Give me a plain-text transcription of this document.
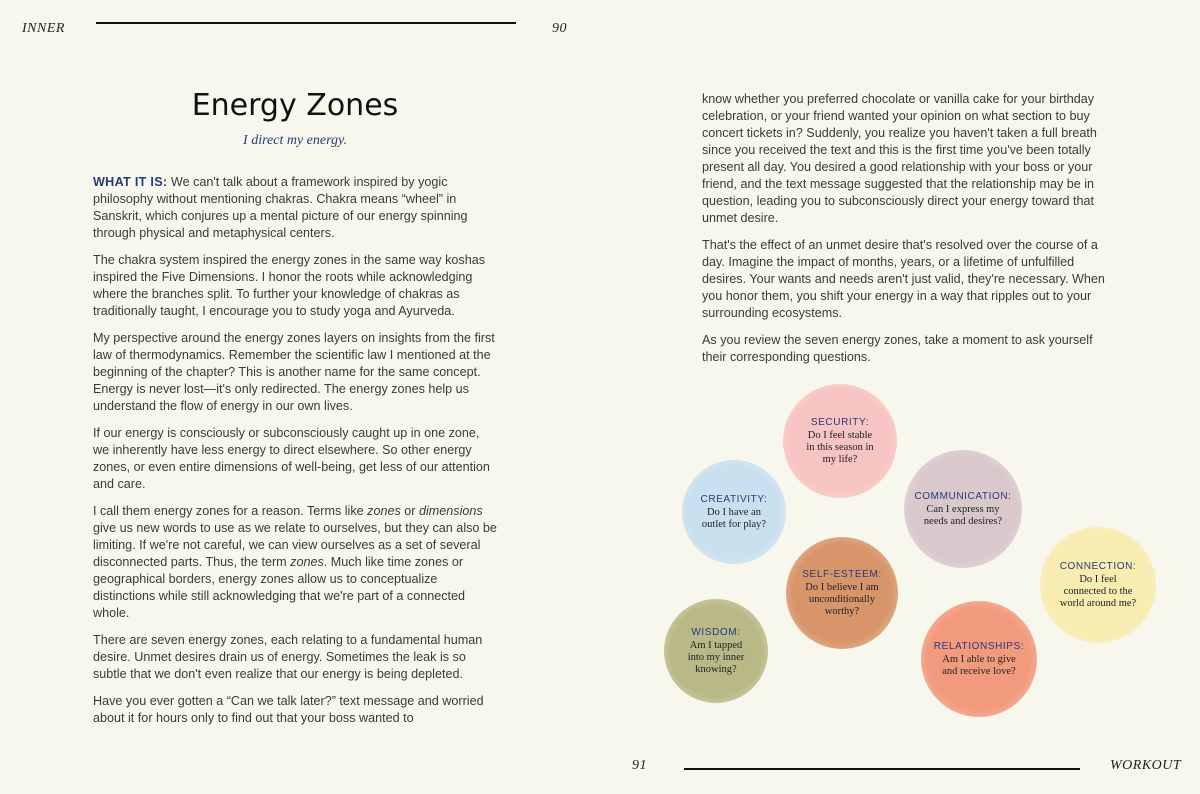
INNER	90
91	WORKOUT
Energy Zones
I direct my energy.

WHAT IT IS: We can't talk about a framework inspired by yogic philosophy without mentioning chakras. Chakra means “wheel” in Sanskrit, which conjures up a mental picture of our energy spinning through physical and metaphysical centers.

The chakra system inspired the energy zones in the same way koshas inspired the Five Dimensions. I honor the roots while acknowledging where the branches split. To further your knowledge of chakras as traditionally taught, I encourage you to study yoga and Ayurveda.

My perspective around the energy zones layers on insights from the first law of thermodynamics. Remember the scientific law I mentioned at the beginning of the chapter? This is another name for the same concept. Energy is never lost—it's only redirected. The energy zones help us understand the flow of energy in our own lives.

If our energy is consciously or subconsciously caught up in one zone, we inherently have less energy to direct elsewhere. So other energy zones, or even entire dimensions of well-being, get less of our attention and care.

I call them energy zones for a reason. Terms like zones or dimensions give us new words to use as we relate to ourselves, but they can also be limiting. If we're not careful, we can view ourselves as a set of several disconnected parts. Thus, the term zones. Much like time zones or geographical borders, energy zones allow us to conceptualize distinctions while still acknowledging that we're part of a connected whole.

There are seven energy zones, each relating to a fundamental human desire. Unmet desires drain us of energy. Sometimes the leak is so subtle that we don't even realize that our energy is being depleted.

Have you ever gotten a “Can we talk later?” text message and worried about it for hours only to find out that your boss wanted to

know whether you preferred chocolate or vanilla cake for your birthday celebration, or your friend wanted your opinion on what section to buy concert tickets in? Suddenly, you realize you haven't taken a full breath since you received the text and this is the first time you've been totally present all day. You desired a good relationship with your boss or your friend, and the text message suggested that the relationship may be in question, leading you to subconsciously direct your energy toward that unmet desire.

That's the effect of an unmet desire that's resolved over the course of a day. Imagine the impact of months, years, or a lifetime of unfulfilled desires. Your wants and needs aren't just valid, they're necessary. When you honor them, you shift your energy in a way that ripples out to your surrounding ecosystems.

As you review the seven energy zones, take a moment to ask yourself their corresponding questions.

SECURITY:
Do I feel stable in this season in my life?
COMMUNICATION:
Can I express my needs and desires?
CREATIVITY:
Do I have an outlet for play?
CONNECTION:
Do I feel connected to the world around me?
SELF-ESTEEM:
Do I believe I am unconditionally worthy?
RELATIONSHIPS:
Am I able to give and receive love?
WISDOM:
Am I tapped into my inner knowing?
